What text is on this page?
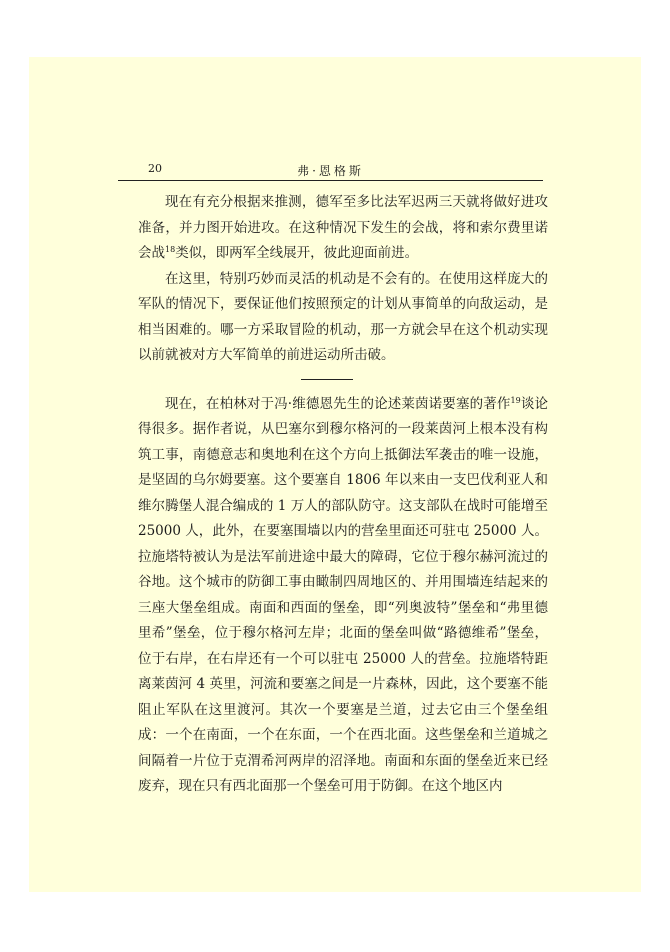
20	弗·恩格斯

现在有充分根据来推测，德军至多比法军迟两三天就将做好进攻准备，并力图开始进攻。在这种情况下发生的会战，将和索尔费里诺会战$^{18}$类似，即两军全线展开，彼此迎面前进。

在这里，特别巧妙而灵活的机动是不会有的。在使用这样庞大的军队的情况下，要保证他们按照预定的计划从事简单的向敌运动，是相当困难的。哪一方采取冒险的机动，那一方就会早在这个机动实现以前就被对方大军简单的前进运动所击破。

现在，在柏林对于冯·维德恩先生的论述莱茵诺要塞的著作$^{19}$谈论得很多。据作者说，从巴塞尔到穆尔格河的一段莱茵河上根本没有构筑工事，南德意志和奥地利在这个方向上抵御法军袭击的唯一设施，是坚固的乌尔姆要塞。这个要塞自 1806 年以来由一支巴伐利亚人和维尔腾堡人混合编成的 1 万人的部队防守。这支部队在战时可能增至 25000 人，此外，在要塞围墙以内的营垒里面还可驻屯 25000 人。拉施塔特被认为是法军前进途中最大的障碍，它位于穆尔赫河流过的谷地。这个城市的防御工事由瞰制四周地区的、并用围墙连结起来的三座大堡垒组成。南面和西面的堡垒，即“列奥波特”堡垒和“弗里德里希”堡垒，位于穆尔格河左岸；北面的堡垒叫做“路德维希”堡垒，位于右岸，在右岸还有一个可以驻屯 25000 人的营垒。拉施塔特距离莱茵河 4 英里，河流和要塞之间是一片森林，因此，这个要塞不能阻止军队在这里渡河。其次一个要塞是兰道，过去它由三个堡垒组成：一个在南面，一个在东面，一个在西北面。这些堡垒和兰道城之间隔着一片位于克渭希河两岸的沼泽地。南面和东面的堡垒近来已经废弃，现在只有西北面那一个堡垒可用于防御。在这个地区内
